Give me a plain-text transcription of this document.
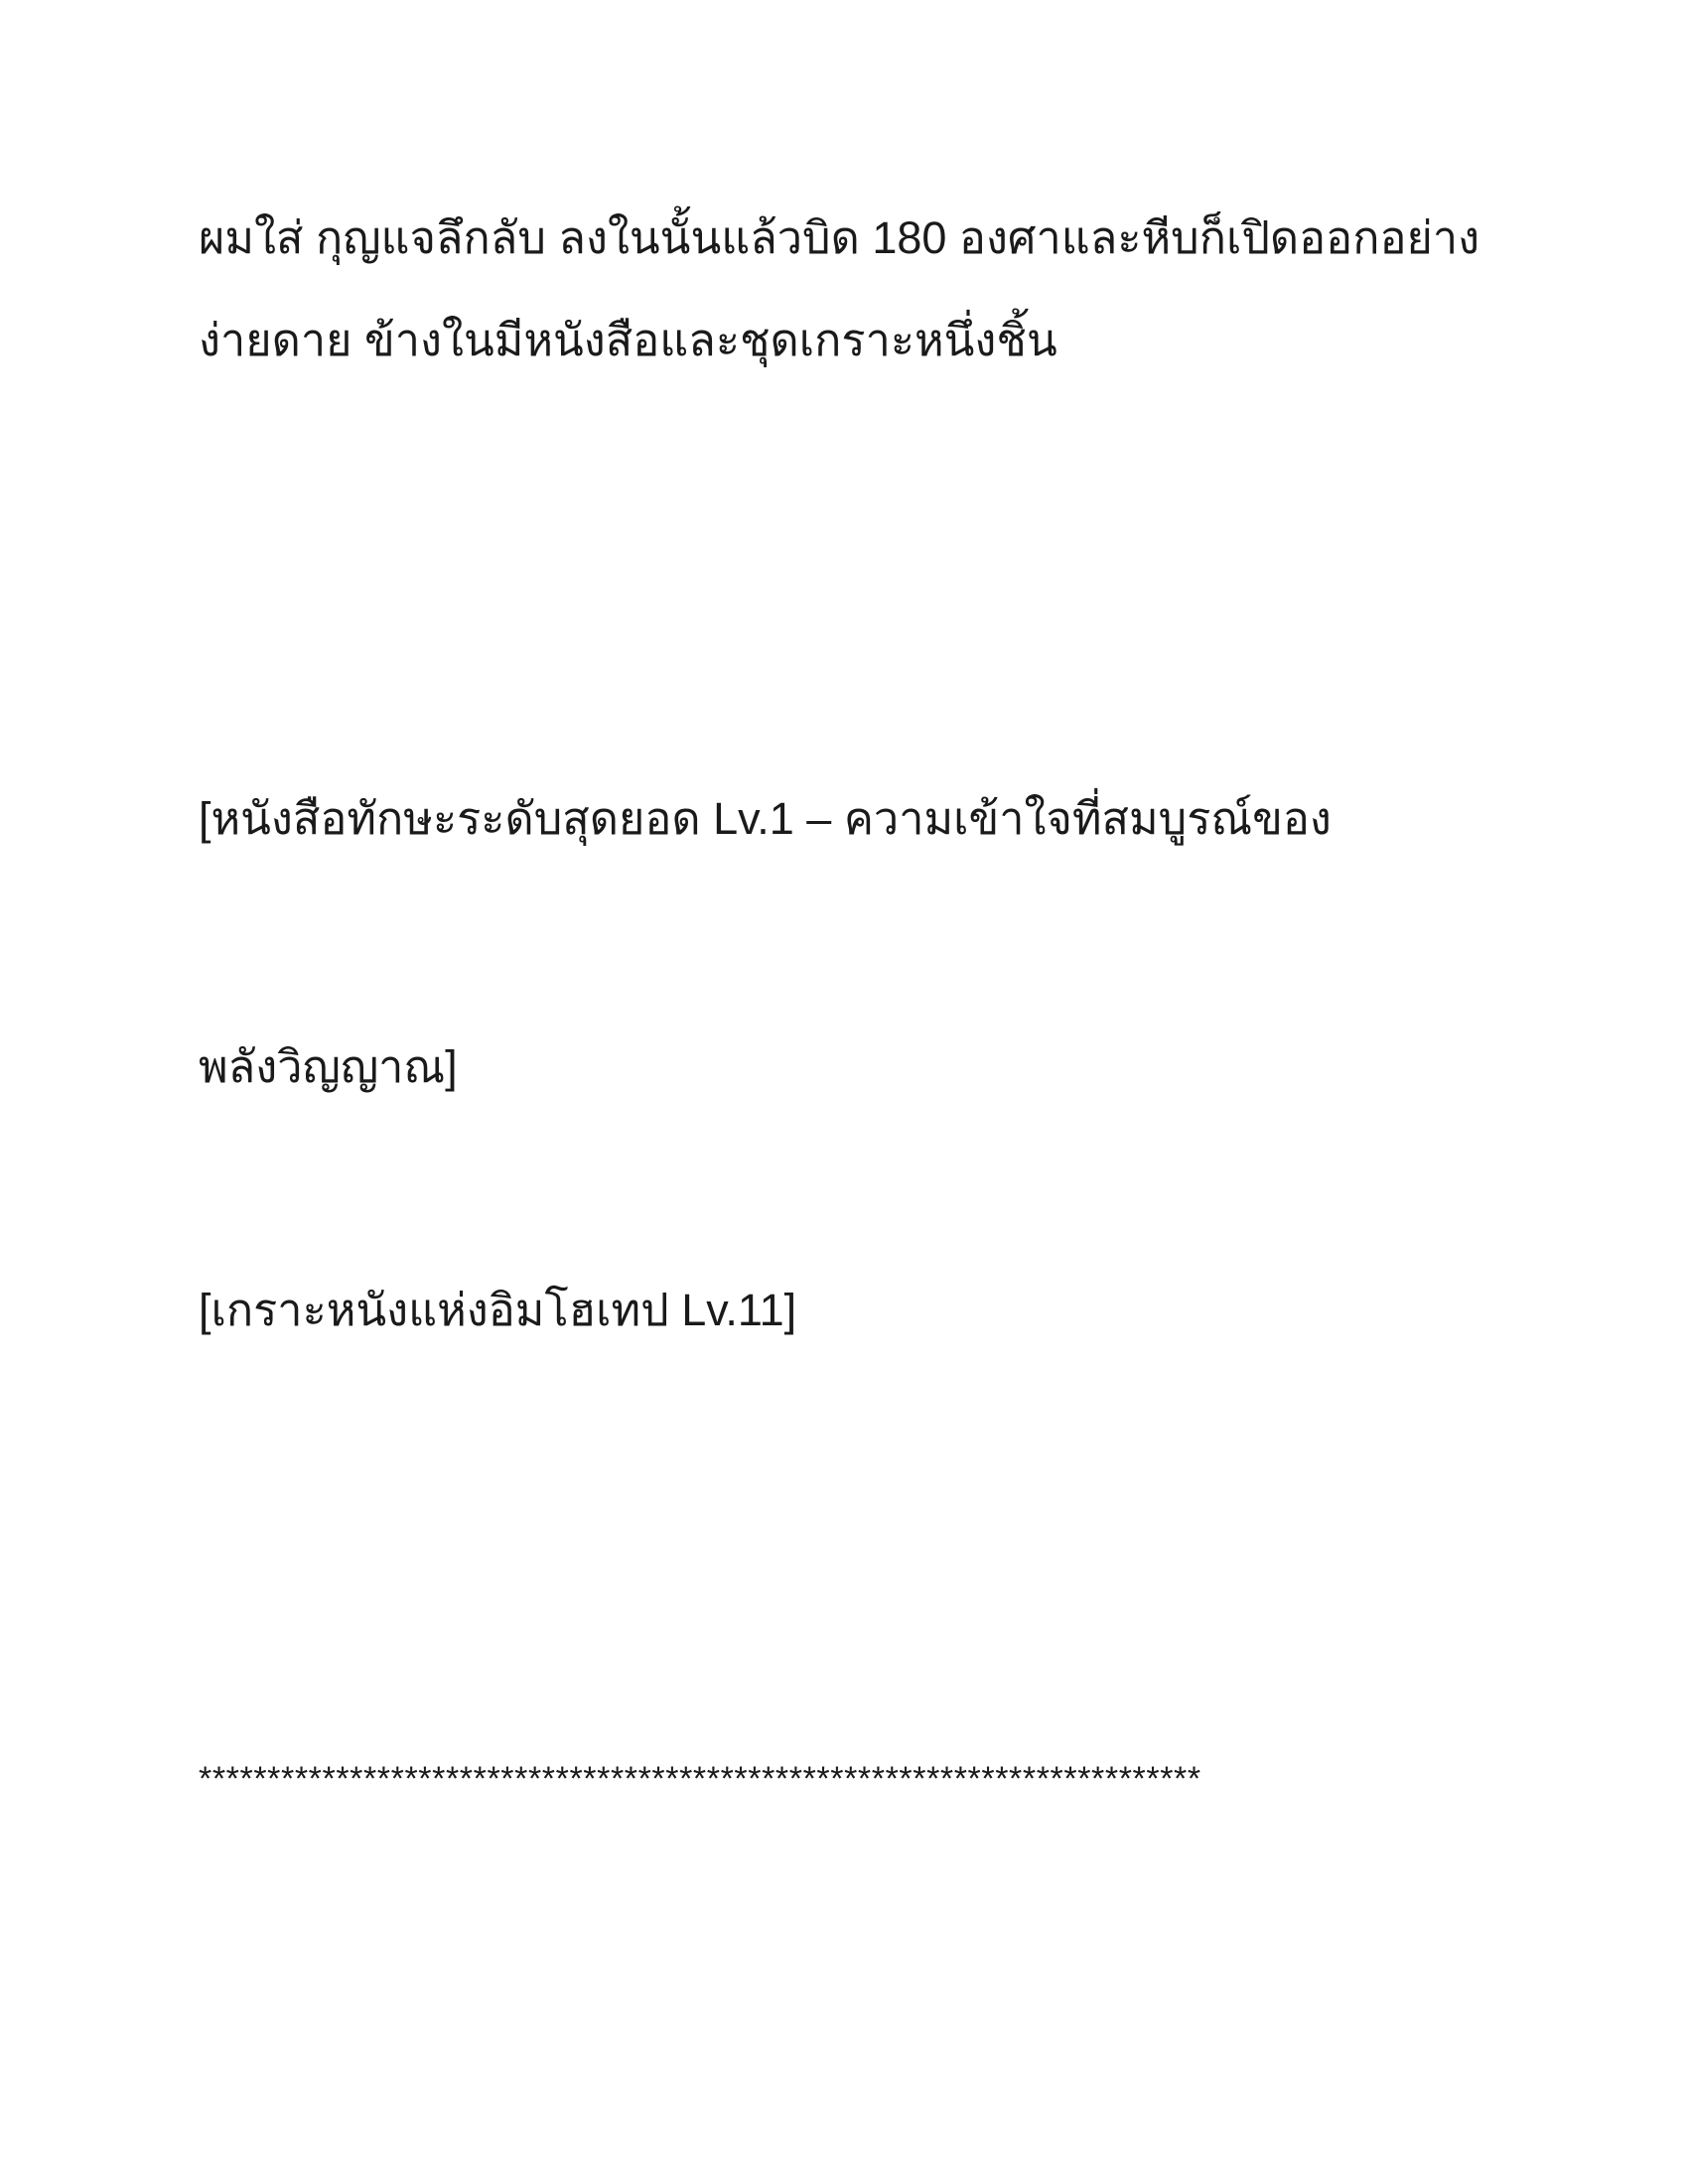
ผมใส่ กุญแจลึกลับ ลงในนั้นแล้วบิด 180 องศาและหีบก็เปิดออกอย่าง

ง่ายดาย ข้างในมีหนังสือและชุดเกราะหนึ่งชิ้น

[หนังสือทักษะระดับสุดยอด Lv.1 – ความเข้าใจที่สมบูรณ์ของ

พลังวิญญาณ]

[เกราะหนังแห่งอิมโฮเทป Lv.11]

*************************************************************************
